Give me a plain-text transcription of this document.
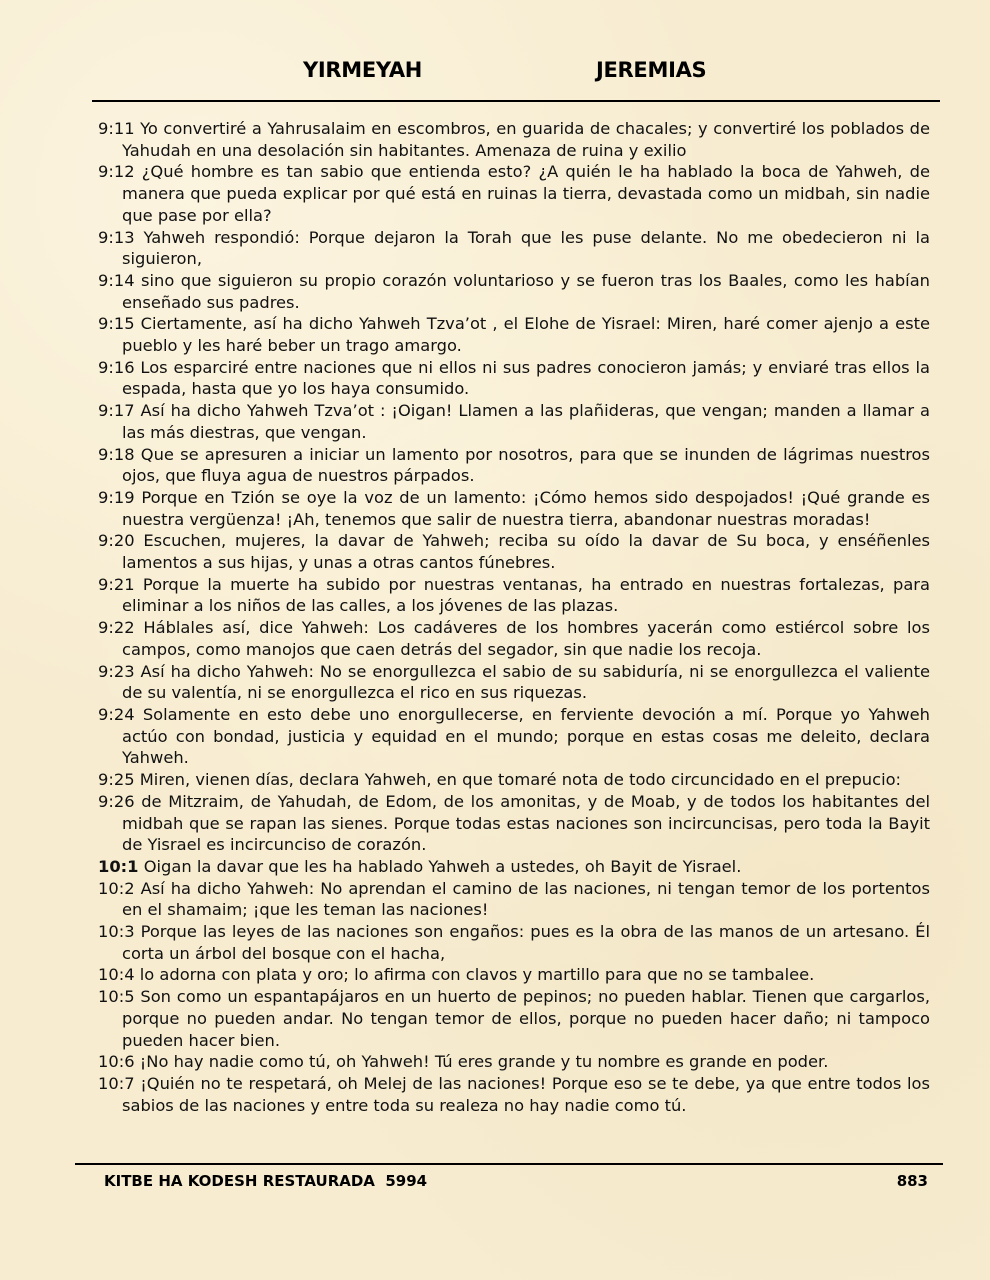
YIRMEYAH	JEREMIAS

9:11 Yo convertiré a Yahrusalaim en escombros, en guarida de chacales; y convertiré los poblados de Yahudah en una desolación sin habitantes. Amenaza de ruina y exilio

9:12 ¿Qué hombre es tan sabio que entienda esto? ¿A quién le ha hablado la boca de Yahweh, de manera que pueda explicar por qué está en ruinas la tierra, devastada como un midbah, sin nadie que pase por ella?

9:13 Yahweh respondió: Porque dejaron la Torah que les puse delante. No me obedecieron ni la siguieron,

9:14 sino que siguieron su propio corazón voluntarioso y se fueron tras los Baales, como les habían enseñado sus padres.

9:15 Ciertamente, así ha dicho Yahweh Tzva’ot , el Elohe de Yisrael: Miren, haré comer ajenjo a este pueblo y les haré beber un trago amargo.

9:16 Los esparciré entre naciones que ni ellos ni sus padres conocieron jamás; y enviaré tras ellos la espada, hasta que yo los haya consumido.

9:17 Así ha dicho Yahweh Tzva’ot : ¡Oigan! Llamen a las plañideras, que vengan; manden a llamar a las más diestras, que vengan.

9:18 Que se apresuren a iniciar un lamento por nosotros, para que se inunden de lágrimas nuestros ojos, que fluya agua de nuestros párpados.

9:19 Porque en Tzión se oye la voz de un lamento: ¡Cómo hemos sido despojados! ¡Qué grande es nuestra vergüenza! ¡Ah, tenemos que salir de nuestra tierra, abandonar nuestras moradas!

9:20 Escuchen, mujeres, la davar de Yahweh; reciba su oído la davar de Su boca, y enséñenles lamentos a sus hijas, y unas a otras cantos fúnebres.

9:21 Porque la muerte ha subido por nuestras ventanas, ha entrado en nuestras fortalezas, para eliminar a los niños de las calles, a los jóvenes de las plazas.

9:22 Háblales así, dice Yahweh: Los cadáveres de los hombres yacerán como estiércol sobre los campos, como manojos que caen detrás del segador, sin que nadie los recoja.

9:23 Así ha dicho Yahweh: No se enorgullezca el sabio de su sabiduría, ni se enorgullezca el valiente de su valentía, ni se enorgullezca el rico en sus riquezas.

9:24 Solamente en esto debe uno enorgullecerse, en ferviente devoción a mí. Porque yo Yahweh actúo con bondad, justicia y equidad en el mundo; porque en estas cosas me deleito, declara Yahweh.

9:25 Miren, vienen días, declara Yahweh, en que tomaré nota de todo circuncidado en el prepucio:

9:26 de Mitzraim, de Yahudah, de Edom, de los amonitas, y de Moab, y de todos los habitantes del midbah que se rapan las sienes. Porque todas estas naciones son incircuncisas, pero toda la Bayit de Yisrael es incircunciso de corazón.

10:1 Oigan la davar que les ha hablado Yahweh a ustedes, oh Bayit de Yisrael.

10:2 Así ha dicho Yahweh: No aprendan el camino de las naciones, ni tengan temor de los portentos en el shamaim; ¡que les teman las naciones!

10:3 Porque las leyes de las naciones son engaños: pues es la obra de las manos de un artesano. Él corta un árbol del bosque con el hacha,

10:4 lo adorna con plata y oro; lo afirma con clavos y martillo para que no se tambalee.

10:5 Son como un espantapájaros en un huerto de pepinos; no pueden hablar. Tienen que cargarlos, porque no pueden andar. No tengan temor de ellos, porque no pueden hacer daño; ni tampoco pueden hacer bien.

10:6 ¡No hay nadie como tú, oh Yahweh! Tú eres grande y tu nombre es grande en poder.

10:7 ¡Quién no te respetará, oh Melej de las naciones! Porque eso se te debe, ya que entre todos los sabios de las naciones y entre toda su realeza no hay nadie como tú.

KITBE HA KODESH RESTAURADA  5994	883
